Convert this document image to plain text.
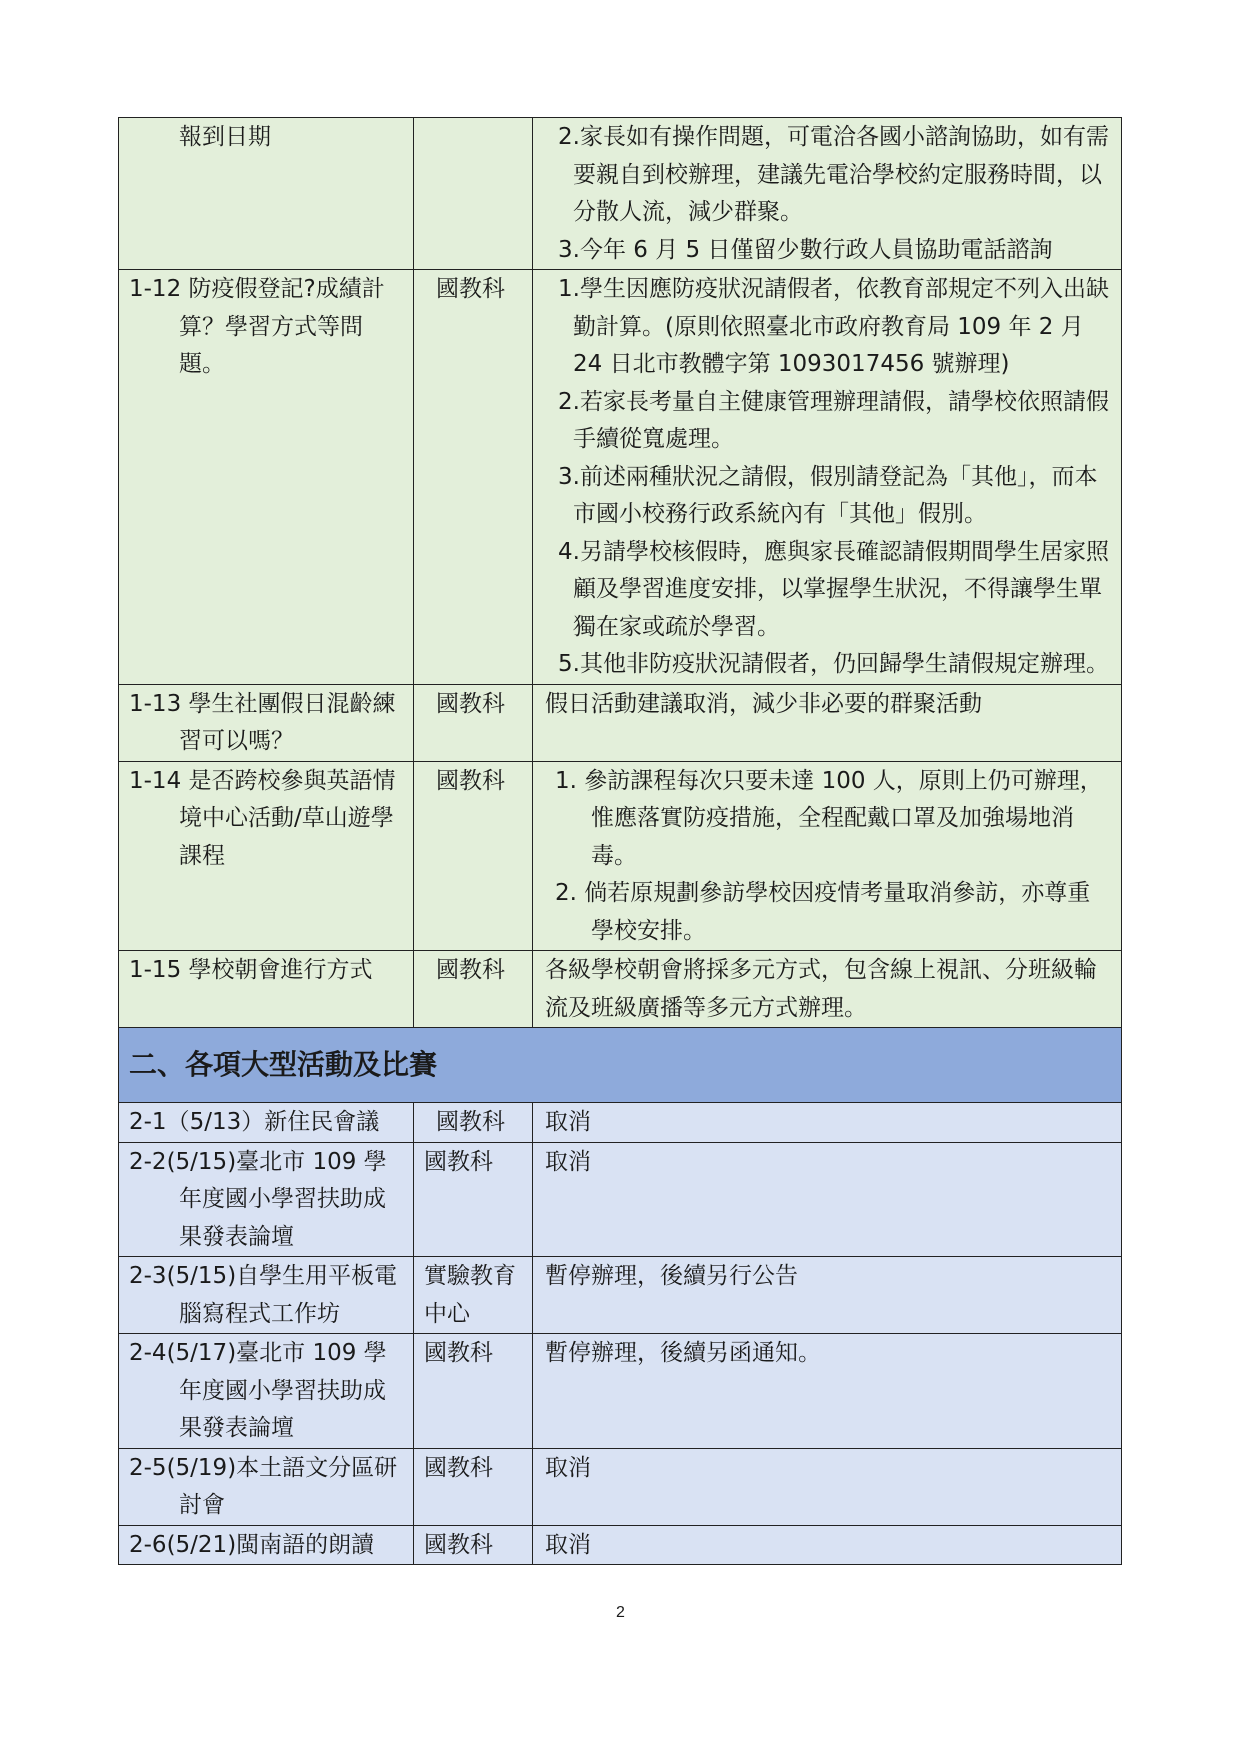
報到日期		2.家長如有操作問題，可電洽各國小諮詢協助，如有需要親自到校辦理，建議先電洽學校約定服務時間，以分散人流，減少群聚。

3.今年 6 月 5 日僅留少數行政人員協助電話諮詢

1-12 防疫假登記?成績計算？學習方式等問題。	國教科	1.學生因應防疫狀況請假者，依教育部規定不列入出缺勤計算。(原則依照臺北市政府教育局 109 年 2 月 24 日北市教體字第 1093017456 號辦理)

2.若家長考量自主健康管理辦理請假，請學校依照請假手續從寬處理。

3.前述兩種狀況之請假，假別請登記為「其他」，而本市國小校務行政系統內有「其他」假別。

4.另請學校核假時，應與家長確認請假期間學生居家照顧及學習進度安排，以掌握學生狀況，不得讓學生單獨在家或疏於學習。

5.其他非防疫狀況請假者，仍回歸學生請假規定辦理。

1-13 學生社團假日混齡練習可以嗎？	國教科	假日活動建議取消，減少非必要的群聚活動

1-14 是否跨校參與英語情境中心活動/草山遊學課程	國教科	1. 參訪課程每次只要未達 100 人，原則上仍可辦理，惟應落實防疫措施，全程配戴口罩及加強場地消毒。

2. 倘若原規劃參訪學校因疫情考量取消參訪，亦尊重學校安排。

1-15 學校朝會進行方式	國教科	各級學校朝會將採多元方式，包含線上視訊、分班級輪流及班級廣播等多元方式辦理。

二、各項大型活動及比賽		

2-1（5/13）新住民會議	國教科	取消

2-2(5/15)臺北市 109 學年度國小學習扶助成果發表論壇	國教科	取消

2-3(5/15)自學生用平板電腦寫程式工作坊	實驗教育中心	暫停辦理，後續另行公告

2-4(5/17)臺北市 109 學年度國小學習扶助成果發表論壇	國教科	暫停辦理，後續另函通知。

2-5(5/19)本土語文分區研討會	國教科	取消

2-6(5/21)閩南語的朗讀	國教科	取消

2
